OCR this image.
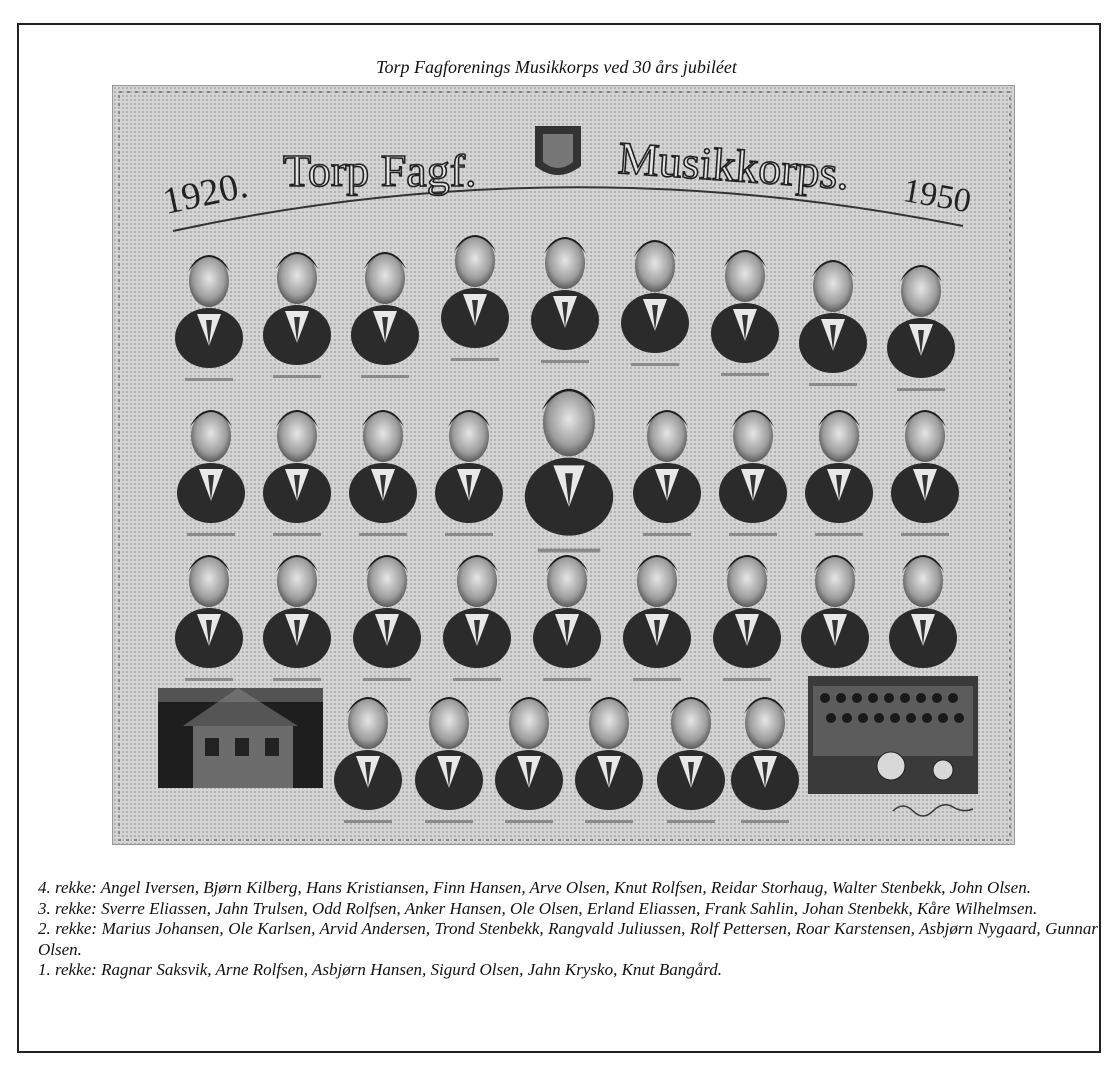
Torp Fagforenings Musikkorps ved 30 års jubiléet
1920. Torp Fagf.	Musikkorps. 1950

4. rekke: Angel Iversen, Bjørn Kilberg, Hans Kristiansen, Finn Hansen, Arve Olsen, Knut Rolfsen, Reidar Storhaug, Walter Stenbekk, John Olsen.

3. rekke: Sverre Eliassen, Jahn Trulsen, Odd Rolfsen, Anker Hansen, Ole Olsen, Erland Eliassen, Frank Sahlin, Johan Stenbekk, Kåre Wilhelmsen.

2. rekke: Marius Johansen, Ole Karlsen, Arvid Andersen, Trond Stenbekk, Rangvald Juliussen, Rolf Pettersen, Roar Karstensen, Asbjørn Nygaard, Gunnar Olsen.

1. rekke: Ragnar Saksvik, Arne Rolfsen, Asbjørn Hansen, Sigurd Olsen, Jahn Krysko, Knut Bangård.
